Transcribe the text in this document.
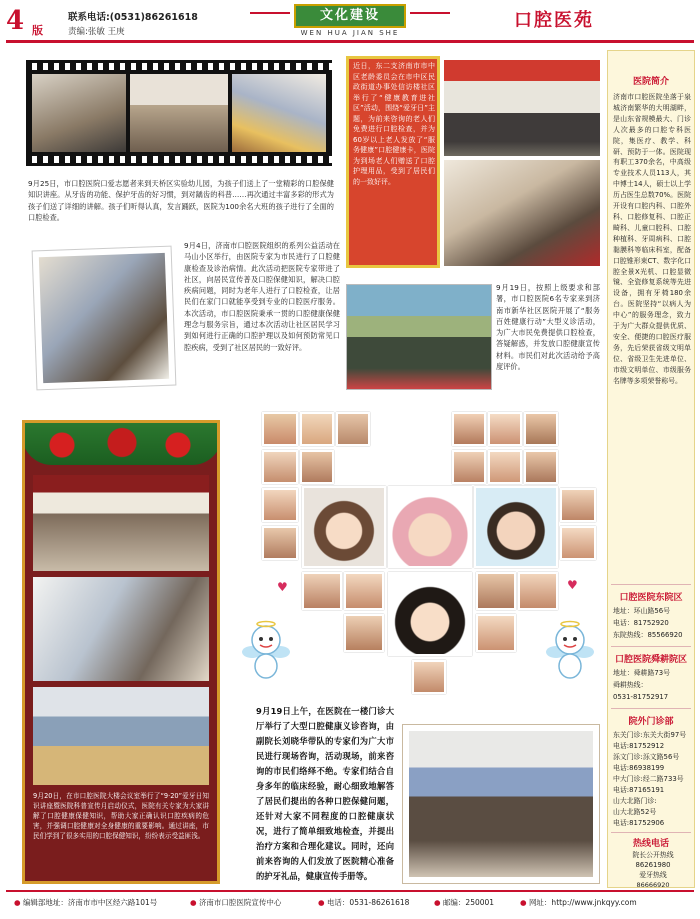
4 版
联系电话:(0531)86261618
责编:张敏 王庚
文化建设
WEN HUA JIAN SHE
口腔医苑
9月25日，市口腔医院口爱志愿者来到天桥区实验幼儿园，为孩子们送上了一堂精彩的口腔保健知识讲座。从牙齿的功能、保护牙齿的好习惯，到对龋齿的科普……再次通过丰富多彩的形式为孩子们送了详细的讲解。孩子们听得认真，发言踊跃，医院为100余名大班的孩子进行了全面的口腔检查。
近日，东二支济南市市中区老龄委员会在市中区民政街道办事处信访楼社区举行了“健康教育进社区”活动，围绕“爱牙日”主题，为前来咨询的老人们免费进行口腔检查，并为60岁以上老人发放了“服务健康”口腔健康卡，医院为到场老人们赠送了口腔护理用品，受到了居民们的一致好评。
9月4日，济南市口腔医院组织的系列公益活动在马山小区举行，由医院专家为市民进行了口腔健康检查及诊治病情。此次活动把医院专家带进了社区，向居民宣传普及口腔保健知识，解决口腔疾病问题，同时为老年人进行了口腔检查，让居民们在家门口就能享受到专业的口腔医疗服务。本次活动，市口腔医院秉承一贯的口腔健康保健理念与服务宗旨，通过本次活动让社区居民学习到如何进行正确的口腔护理以及如何预防常见口腔疾病，受到了社区居民的一致好评。
9月19日，按照上级要求和部署，市口腔医院6名专家来到济南市新华社区医院开展了“服务百姓健康行动”大型义诊活动，为广大市民免费提供口腔检查，答疑解惑，并发放口腔健康宣传材料。市民们对此次活动给予高度评价。
9月20日，在市口腔医院大楼会议室举行了“9·20”爱牙日知识讲座暨医院科普宣传月启动仪式，医院有关专家为大家讲解了口腔健康保健知识，帮助大家正确认识口腔疾病的危害，并强调口腔健康对全身健康的重要影响。通过讲座，市民们学到了很多实用的口腔保健知识，纷纷表示受益匪浅。
♥	♥
9月19日上午，在医院在一楼门诊大厅举行了大型口腔健康义诊咨询，由副院长刘晓华带队的专家们为广大市民进行现场咨询，活动现场，前来咨询的市民们络绎不绝。专家们结合自身多年的临床经验，耐心细致地解答了居民们提出的各种口腔保健问题，还针对大家不同程度的口腔健康状况，进行了简单细致地检查，并提出治疗方案和合理化建议。同时，还向前来咨询的人们发放了医院精心准备的护牙礼品，健康宣传手册等。
医院简介
济南市口腔医院坐落于泉城济南繁华的大明湖畔，是山东省规模最大、门诊人次最多的口腔专科医院，集医疗、教学、科研、预防于一体。医院现有职工370余名，中高级专业技术人员113人，其中博士14人，硕士以上学历占医生总数70%。医院开设有口腔内科、口腔外科、口腔修复科、口腔正畸科、儿童口腔科、口腔种植科、牙周病科、口腔黏膜科等临床科室，配备口腔锥形束CT、数字化口腔全景X光机、口腔显微镜、全瓷修复系统等先进设备，拥有牙椅180余台。医院坚持“以病人为中心”的服务理念，致力于为广大群众提供优质、安全、便捷的口腔医疗服务，先后荣获省级文明单位、省级卫生先进单位、市级文明单位、市级服务名牌等多项荣誉称号。
口腔医院东院区
地址：环山路56号
电话：81752920
东院热线：85566920
口腔医院舜耕院区
地址：舜耕路73号
舜耕热线：
0531-81752917
院外门诊部
东关门诊:东关大街97号
电话:81752912
泺文门诊:泺文路56号
电话:86938199
中大门诊:经二路733号
电话:87165191
山大北路门诊:
山大北路52号
电话:81752906
热线电话
院长公开热线
86261980
爱牙热线
86666920
● 编辑部地址：济南市市中区经六路101号	● 济南市口腔医院宣传中心	● 电话：0531-86261618	● 邮编：250001	● 网址：http://www.jnkqyy.com
